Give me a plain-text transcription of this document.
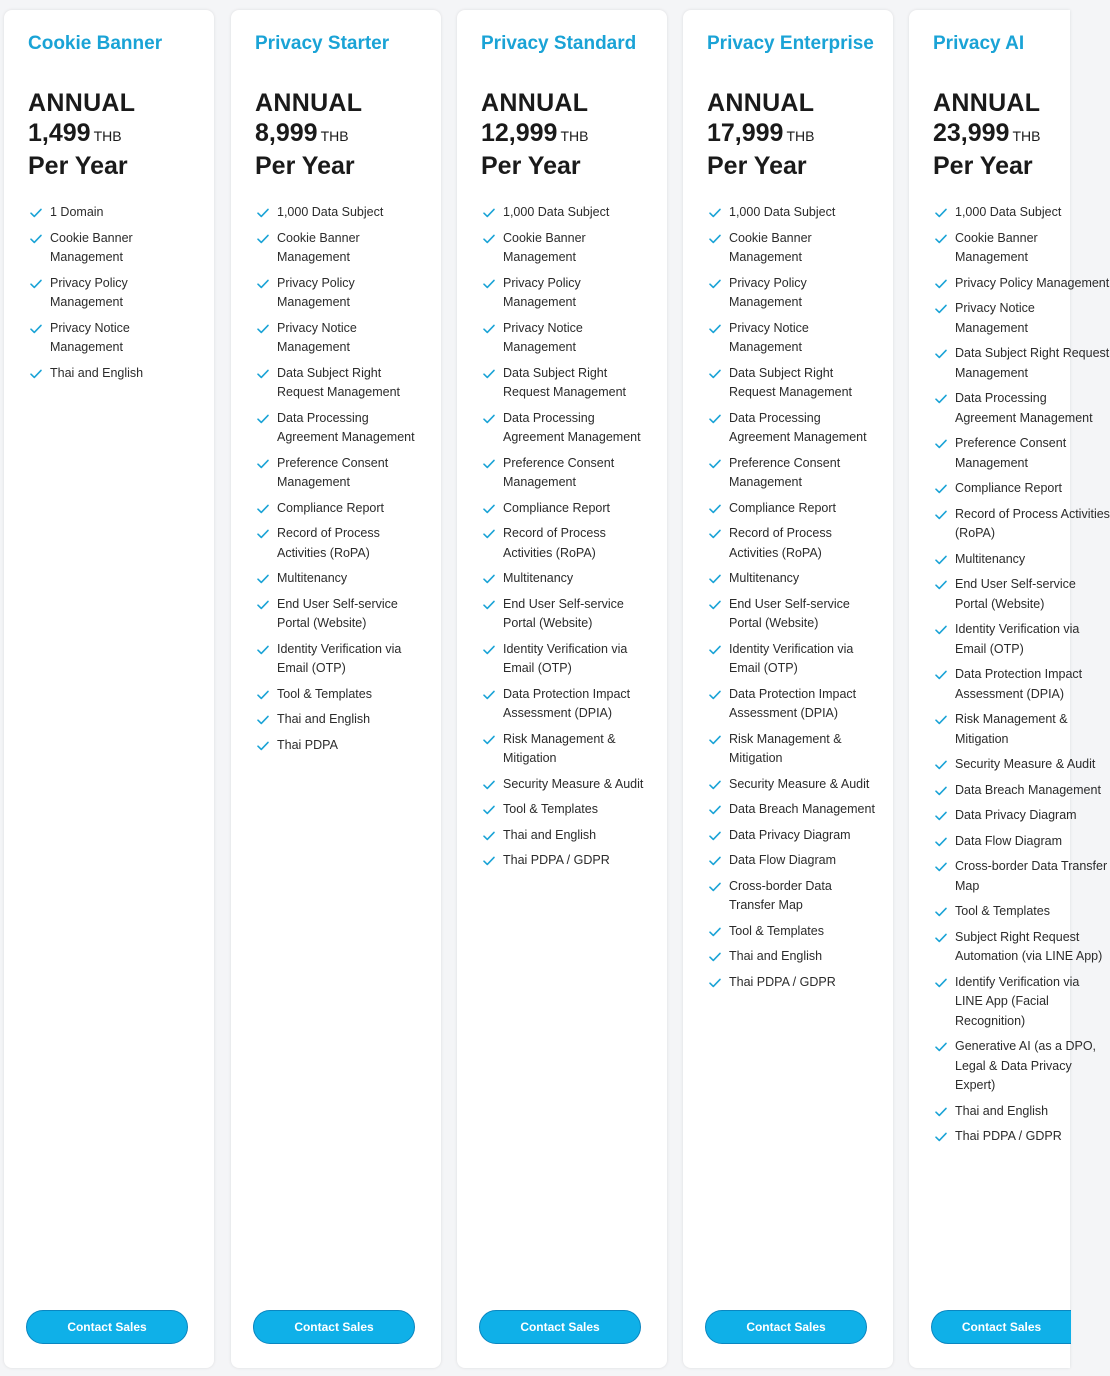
Cookie Banner
ANNUAL
1,499 THB
Per Year
1 Domain
Cookie Banner Management
Privacy Policy Management
Privacy Notice Management
Thai and English
Contact Sales
Privacy Starter
ANNUAL
8,999 THB
Per Year
1,000 Data Subject
Cookie Banner Management
Privacy Policy Management
Privacy Notice Management
Data Subject Right Request Management
Data Processing Agreement Management
Preference Consent Management
Compliance Report
Record of Process Activities (RoPA)
Multitenancy
End User Self-service Portal (Website)
Identity Verification via Email (OTP)
Tool & Templates
Thai and English
Thai PDPA
Contact Sales
Privacy Standard
ANNUAL
12,999 THB
Per Year
1,000 Data Subject
Cookie Banner Management
Privacy Policy Management
Privacy Notice Management
Data Subject Right Request Management
Data Processing Agreement Management
Preference Consent Management
Compliance Report
Record of Process Activities (RoPA)
Multitenancy
End User Self-service Portal (Website)
Identity Verification via Email (OTP)
Data Protection Impact Assessment (DPIA)
Risk Management & Mitigation
Security Measure & Audit
Tool & Templates
Thai and English
Thai PDPA / GDPR
Contact Sales
Privacy Enterprise
ANNUAL
17,999 THB
Per Year
1,000 Data Subject
Cookie Banner Management
Privacy Policy Management
Privacy Notice Management
Data Subject Right Request Management
Data Processing Agreement Management
Preference Consent Management
Compliance Report
Record of Process Activities (RoPA)
Multitenancy
End User Self-service Portal (Website)
Identity Verification via Email (OTP)
Data Protection Impact Assessment (DPIA)
Risk Management & Mitigation
Security Measure & Audit
Data Breach Management
Data Privacy Diagram
Data Flow Diagram
Cross-border Data Transfer Map
Tool & Templates
Thai and English
Thai PDPA / GDPR
Contact Sales
Privacy AI
ANNUAL
23,999 THB
Per Year
1,000 Data Subject
Cookie Banner Management
Privacy Policy Management
Privacy Notice Management
Data Subject Right Request Management
Data Processing Agreement Management
Preference Consent Management
Compliance Report
Record of Process Activities (RoPA)
Multitenancy
End User Self-service Portal (Website)
Identity Verification via Email (OTP)
Data Protection Impact Assessment (DPIA)
Risk Management & Mitigation
Security Measure & Audit
Data Breach Management
Data Privacy Diagram
Data Flow Diagram
Cross-border Data Transfer Map
Tool & Templates
Subject Right Request Automation (via LINE App)
Identify Verification via LINE App (Facial Recognition)
Generative AI (as a DPO, Legal & Data Privacy Expert)
Thai and English
Thai PDPA / GDPR
Contact Sales
